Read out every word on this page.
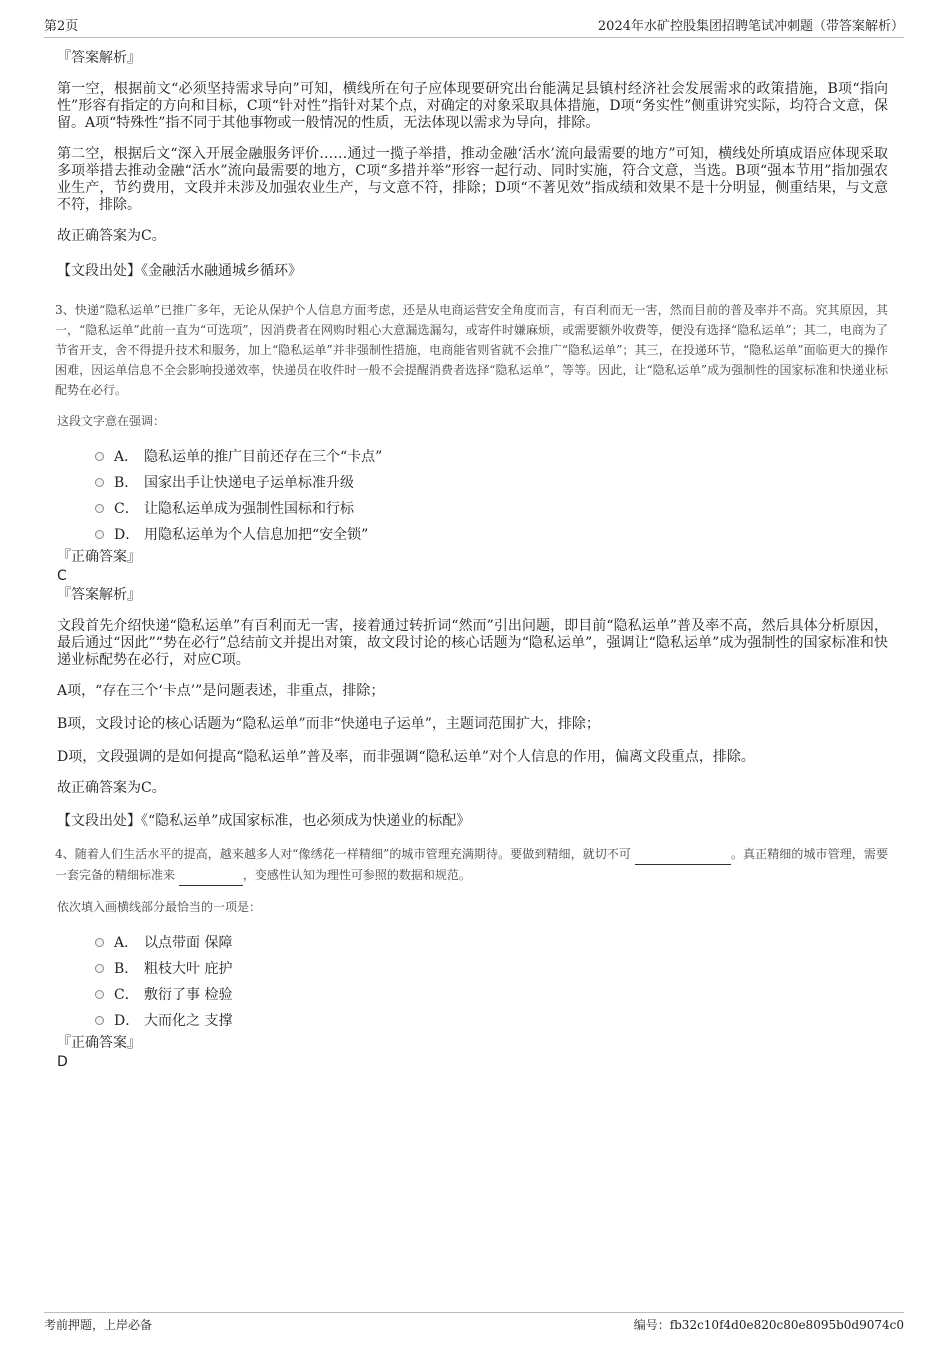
第2页	2024年水矿控股集团招聘笔试冲刺题（带答案解析）

『答案解析』

第一空，根据前文“必须坚持需求导向”可知，横线所在句子应体现要研究出台能满足县镇村经济社会发展需求的政策措施，B项“指向性”形容有指定的方向和目标，C项“针对性”指针对某个点，对确定的对象采取具体措施，D项“务实性”侧重讲究实际，均符合文意，保留。A项“特殊性”指不同于其他事物或一般情况的性质，无法体现以需求为导向，排除。

第二空，根据后文“深入开展金融服务评价……通过一揽子举措，推动金融‘活水’流向最需要的地方”可知，横线处所填成语应体现采取多项举措去推动金融“活水”流向最需要的地方，C项“多措并举”形容一起行动、同时实施，符合文意，当选。B项“强本节用”指加强农业生产，节约费用，文段并未涉及加强农业生产，与文意不符，排除；D项“不著见效”指成绩和效果不是十分明显，侧重结果，与文意不符，排除。

故正确答案为C。

【文段出处】《金融活水融通城乡循环》

3、快递“隐私运单”已推广多年，无论从保护个人信息方面考虑，还是从电商运营安全角度而言，有百利而无一害，然而目前的普及率并不高。究其原因，其一，“隐私运单”此前一直为“可选项”，因消费者在网购时粗心大意漏选漏勾，或寄件时嫌麻烦，或需要额外收费等，便没有选择“隐私运单”；其二，电商为了节省开支，舍不得提升技术和服务，加上“隐私运单”并非强制性措施，电商能省则省就不会推广“隐私运单”；其三，在投递环节，“隐私运单”面临更大的操作困难，因运单信息不全会影响投递效率，快递员在收件时一般不会提醒消费者选择“隐私运单”，等等。因此，让“隐私运单”成为强制性的国家标准和快递业标配势在必行。

这段文字意在强调：

A． 隐私运单的推广目前还存在三个“卡点”
B． 国家出手让快递电子运单标准升级
C． 让隐私运单成为强制性国标和行标
D． 用隐私运单为个人信息加把“安全锁”

『正确答案』

C

『答案解析』

文段首先介绍快递“隐私运单”有百利而无一害，接着通过转折词“然而”引出问题，即目前“隐私运单”普及率不高，然后具体分析原因，最后通过“因此”“势在必行”总结前文并提出对策，故文段讨论的核心话题为“隐私运单”，强调让“隐私运单”成为强制性的国家标准和快递业标配势在必行，对应C项。

A项，“存在三个‘卡点’”是问题表述，非重点，排除；

B项，文段讨论的核心话题为“隐私运单”而非“快递电子运单”，主题词范围扩大，排除；

D项，文段强调的是如何提高“隐私运单”普及率，而非强调“隐私运单”对个人信息的作用，偏离文段重点，排除。

故正确答案为C。

【文段出处】《“隐私运单”成国家标准，也必须成为快递业的标配》

4、随着人们生活水平的提高，越来越多人对“像绣花一样精细”的城市管理充满期待。要做到精细，就切不可	。真正精细的城市管理，需要一套完备的精细标准来	，变感性认知为理性可参照的数据和规范。

依次填入画横线部分最恰当的一项是：

A． 以点带面 保障
B． 粗枝大叶 庇护
C． 敷衍了事 检验
D． 大而化之 支撑

『正确答案』

D

考前押题，上岸必备	编号：fb32c10f4d0e820c80e8095b0d9074c0
